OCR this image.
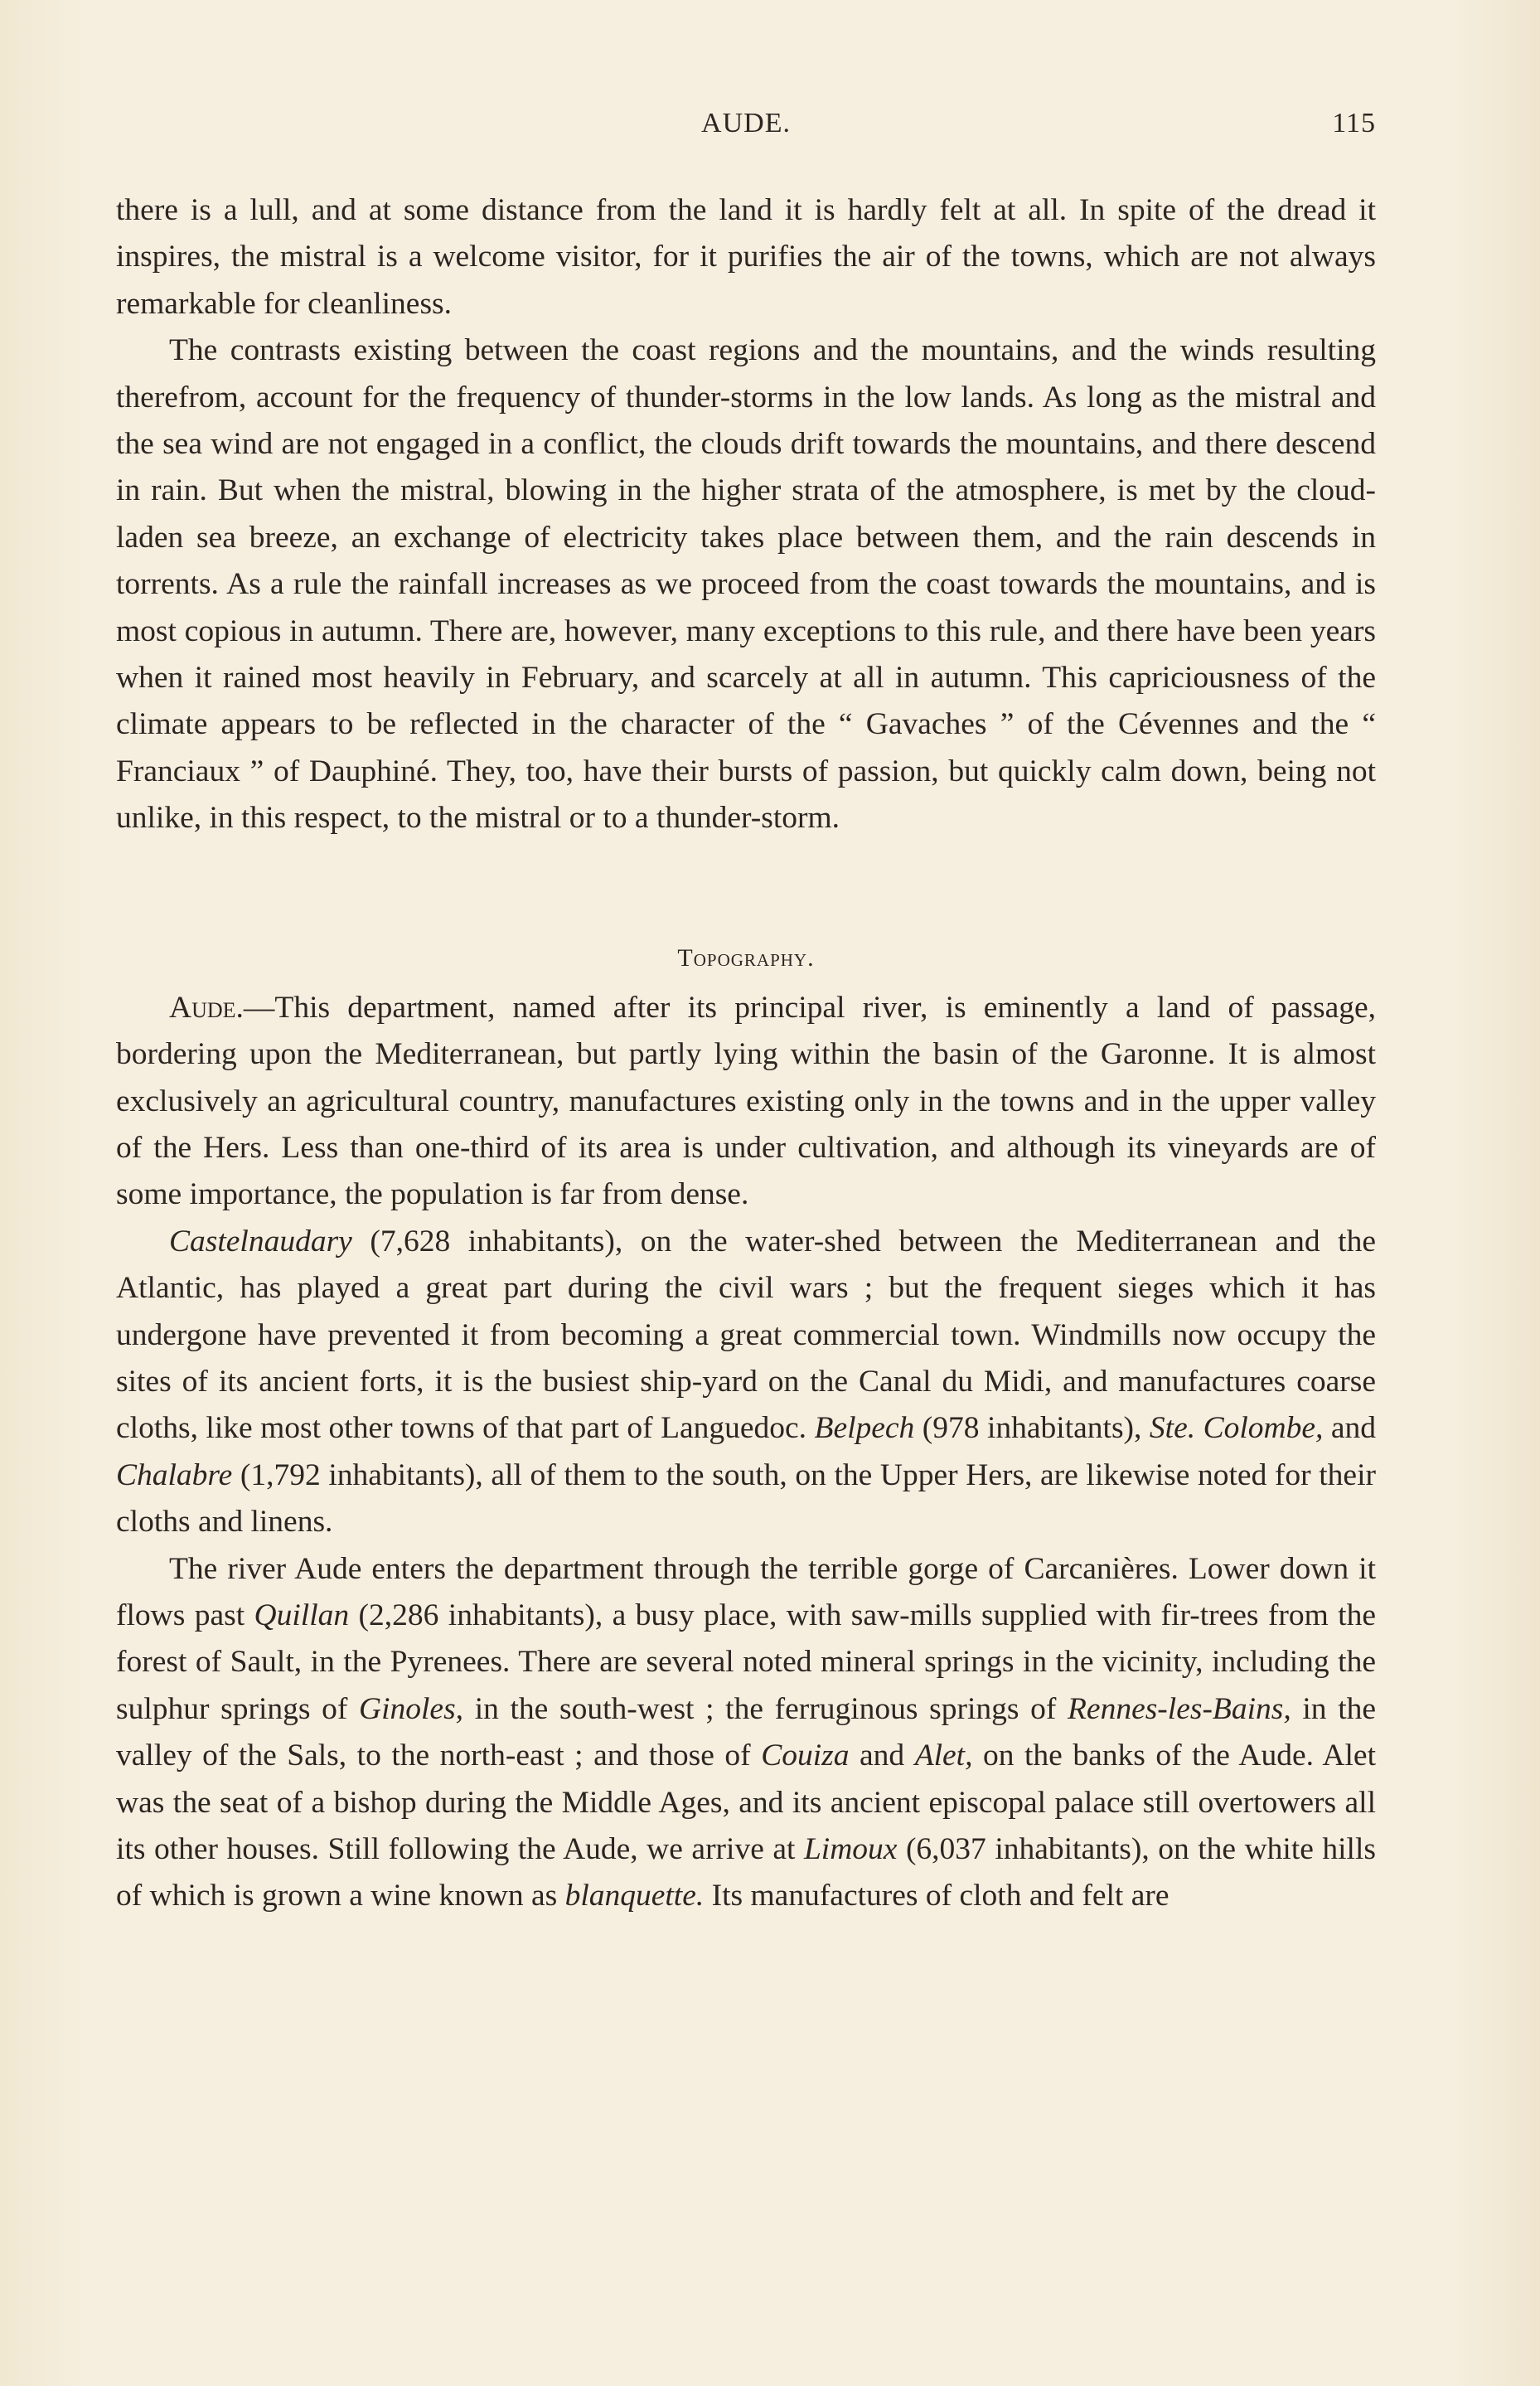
AUDE.	115

there is a lull, and at some distance from the land it is hardly felt at all. In spite of the dread it inspires, the mistral is a welcome visitor, for it purifies the air of the towns, which are not always remarkable for cleanliness.

The contrasts existing between the coast regions and the mountains, and the winds resulting therefrom, account for the frequency of thunder-storms in the low lands. As long as the mistral and the sea wind are not engaged in a conflict, the clouds drift towards the mountains, and there descend in rain. But when the mistral, blowing in the higher strata of the atmosphere, is met by the cloud-laden sea breeze, an exchange of electricity takes place between them, and the rain descends in torrents. As a rule the rainfall increases as we proceed from the coast towards the mountains, and is most copious in autumn. There are, however, many exceptions to this rule, and there have been years when it rained most heavily in February, and scarcely at all in autumn. This capriciousness of the climate appears to be reflected in the character of the “ Gavaches ” of the Cévennes and the “ Franciaux ” of Dauphiné. They, too, have their bursts of passion, but quickly calm down, being not unlike, in this respect, to the mistral or to a thunder-storm.

Topography.

Aude.—This department, named after its principal river, is eminently a land of passage, bordering upon the Mediterranean, but partly lying within the basin of the Garonne. It is almost exclusively an agricultural country, manufactures existing only in the towns and in the upper valley of the Hers. Less than one-third of its area is under cultivation, and although its vineyards are of some importance, the population is far from dense.

Castelnaudary (7,628 inhabitants), on the water-shed between the Mediterranean and the Atlantic, has played a great part during the civil wars ; but the frequent sieges which it has undergone have prevented it from becoming a great commercial town. Windmills now occupy the sites of its ancient forts, it is the busiest ship-yard on the Canal du Midi, and manufactures coarse cloths, like most other towns of that part of Languedoc. Belpech (978 inhabitants), Ste. Colombe, and Chalabre (1,792 inhabitants), all of them to the south, on the Upper Hers, are likewise noted for their cloths and linens.

The river Aude enters the department through the terrible gorge of Carcanières. Lower down it flows past Quillan (2,286 inhabitants), a busy place, with saw-mills supplied with fir-trees from the forest of Sault, in the Pyrenees. There are several noted mineral springs in the vicinity, including the sulphur springs of Ginoles, in the south-west ; the ferruginous springs of Rennes-les-Bains, in the valley of the Sals, to the north-east ; and those of Couiza and Alet, on the banks of the Aude. Alet was the seat of a bishop during the Middle Ages, and its ancient episcopal palace still overtowers all its other houses. Still following the Aude, we arrive at Limoux (6,037 inhabitants), on the white hills of which is grown a wine known as blanquette. Its manufactures of cloth and felt are
